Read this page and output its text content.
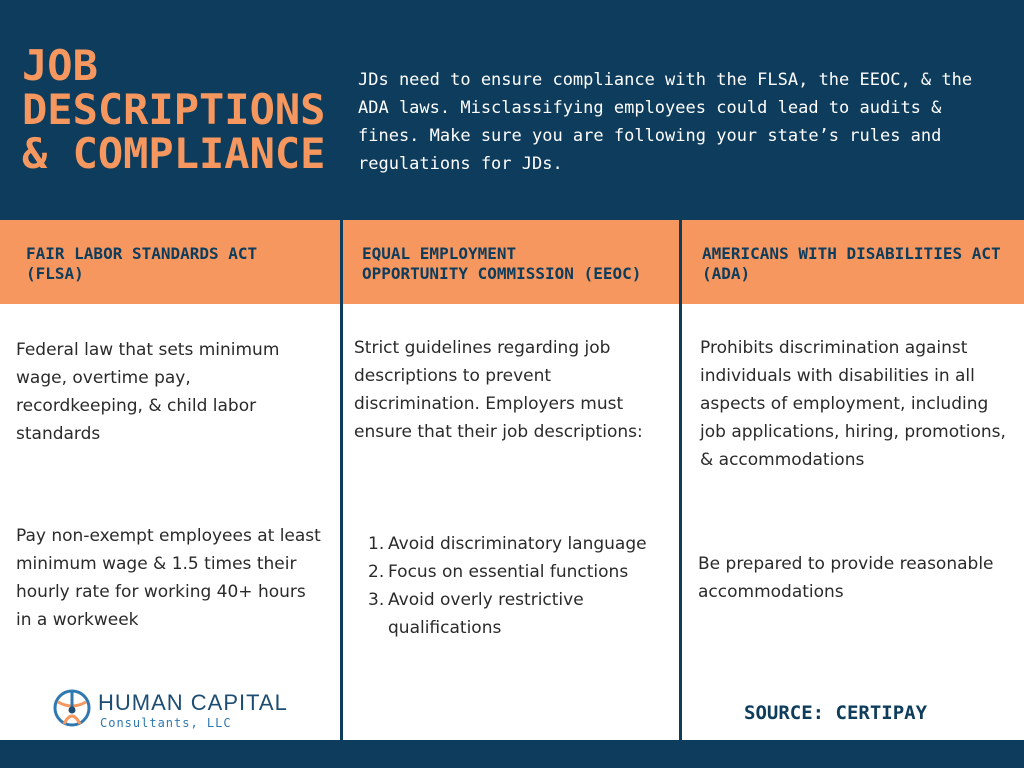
JOB
DESCRIPTIONS
& COMPLIANCE
JDs need to ensure compliance with the FLSA, the EEOC, & the ADA laws. Misclassifying employees could lead to audits & fines. Make sure you are following your state’s rules and regulations for JDs.
FAIR LABOR STANDARDS ACT
(FLSA)
EQUAL EMPLOYMENT
OPPORTUNITY COMMISSION (EEOC)
AMERICANS WITH DISABILITIES ACT
(ADA)
Federal law that sets minimum wage, overtime pay, recordkeeping, & child labor standards
Pay non-exempt employees at least minimum wage & 1.5 times their hourly rate for working 40+ hours in a workweek
Strict guidelines regarding job descriptions to prevent discrimination. Employers must ensure that their job descriptions:
1. Avoid discriminatory language
2. Focus on essential functions
3. Avoid overly restrictive qualifications
Prohibits discrimination against individuals with disabilities in all aspects of employment, including job applications, hiring, promotions, & accommodations
Be prepared to provide reasonable accommodations
HUMAN CAPITAL
Consultants, LLC	SOURCE: CERTIPAY
